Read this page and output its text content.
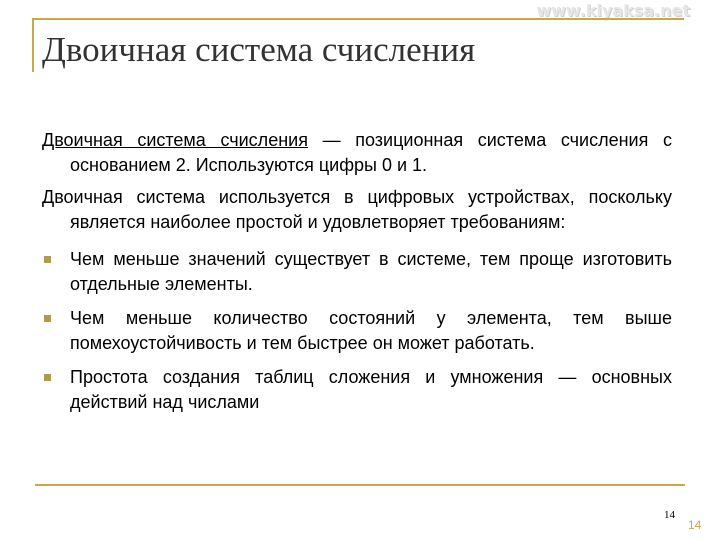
www.kiyaksa.net
Двоичная система счисления

Двоичная система счисления — позиционная система счисления с основанием 2. Используются цифры 0 и 1.

Двоичная система используется в цифровых устройствах, поскольку является наиболее простой и удовлетворяет требованиям:

Чем меньше значений существует в системе, тем проще изготовить отдельные элементы.
Чем меньше количество состояний у элемента, тем выше помехоустойчивость и тем быстрее он может работать.
Простота создания таблиц сложения и умножения — основных действий над числами
14
14
